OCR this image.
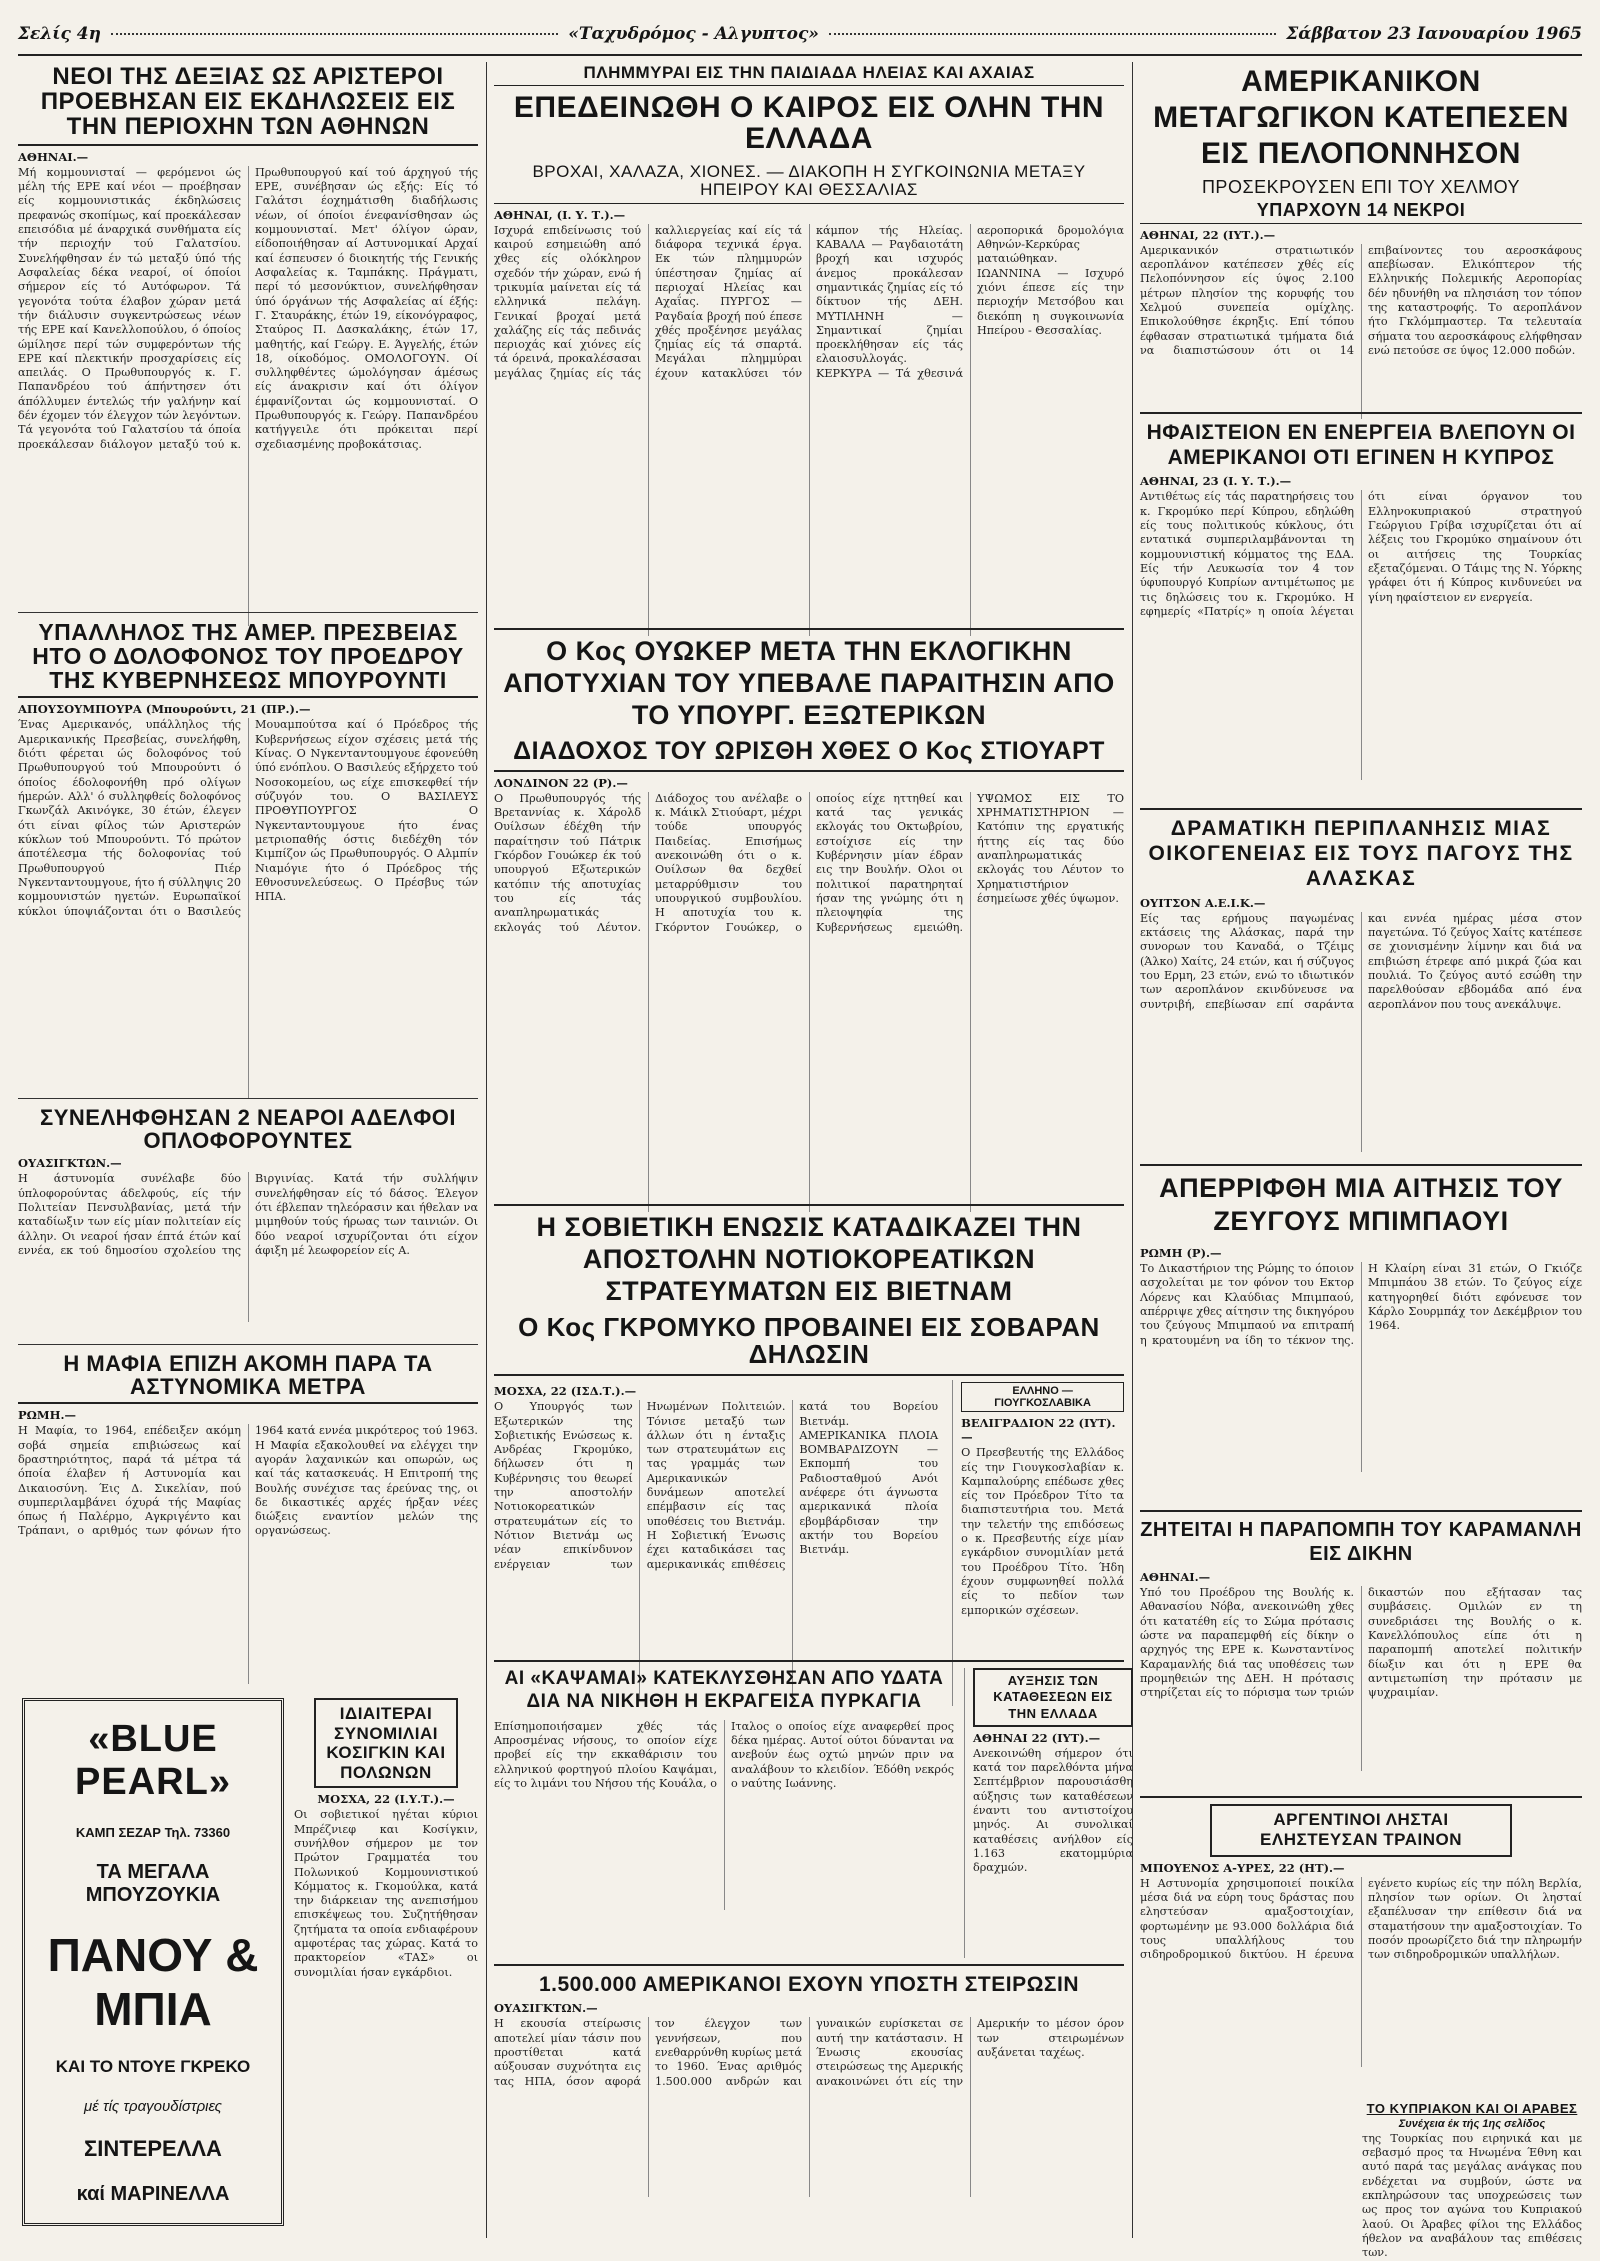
Σελίς 4η	«Ταχυδρόμος - Αλγυπτος»	Σάββατον 23 Ιανουαρίου 1965
ΝΕΟΙ ΤΗΣ ΔΕΞΙΑΣ ΩΣ ΑΡΙΣΤΕΡΟΙ ΠΡΟΕΒΗΣΑΝ ΕΙΣ ΕΚΔΗΛΩΣΕΙΣ ΕΙΣ ΤΗΝ ΠΕΡΙΟΧΗΝ ΤΩΝ ΑΘΗΝΩΝ
ΑΘΗΝΑΙ.—

Μή κομμουνισταί — φερόμενοι ώς μέλη τής ΕΡΕ καί νέοι — προέβησαν είς κομμουνιστικάς έκδηλώσεις πρεφανώς σκοπίμως, καί προεκάλεσαν επεισόδια μέ άναρχικά συνθήματα είς τήν περιοχήν τού Γαλατσίου. Συνελήφθησαν έν τώ μεταξύ ύπό τής Ασφαλείας δέκα νεαροί, οί όποίοι σήμερον είς τό Αυτόφωρον. Τά γεγονότα τούτα έλαβον χώραν μετά τήν διάλυσιν συγκεντρώσεως νέων τής ΕΡΕ καί Κανελλοπούλου, ό όποίος ώμίλησε περί τών συμφερόντων τής ΕΡΕ καί πλεκτικήν προσχαρίσεις είς απειλάς. Ο Πρωθυπουργός κ. Γ. Παπανδρέου τού άπήντησεν ότι άπόλλυμεν έντελώς τήν γαλήνην καί δέν έχομεν τόν έλεγχον τών λεγόντων. Τά γεγονότα τού Γαλατσίου τά όποία προεκάλεσαν διάλογον μεταξύ τού κ. Πρωθυπουργού καί τού άρχηγού τής ΕΡΕ, συνέβησαν ώς εξής: Είς τό Γαλάτσι έοχημάτισθη διαδήλωσις νέων, οί όποίοι ένεφανίσθησαν ώς κομμουνισταί. Μετ' όλίγον ώραν, είδοποιήθησαν αί Αστυνομικαί Αρχαί καί έσπευσεν ό διοικητής τής Γενικής Ασφαλείας κ. Ταμπάκης. Πράγματι, περί τό μεσονύκτιον, συνελήφθησαν ύπό όργάνων τής Ασφαλείας αί έξής: Γ. Σταυράκης, έτών 19, είκονόγραφος, Σταύρος Π. Δασκαλάκης, έτών 17, μαθητής, καί Γεώργ. Ε. Άγγελής, έτών 18, οίκοδόμος. ΟΜΟΛΟΓΟΥΝ. Οί συλληφθέντες ώμολόγησαν άμέσως είς άνακρισιν καί ότι όλίγον έμφανίζονται ώς κομμουνισταί. Ο Πρωθυπουργός κ. Γεώργ. Παπανδρέου κατήγγειλε ότι πρόκειται περί σχεδιασμένης προβοκάτσιας.

ΥΠΑΛΛΗΛΟΣ ΤΗΣ ΑΜΕΡ. ΠΡΕΣΒΕΙΑΣ ΗΤΟ Ο ΔΟΛΟΦΟΝΟΣ ΤΟΥ ΠΡΟΕΔΡΟΥ ΤΗΣ ΚΥΒΕΡΝΗΣΕΩΣ ΜΠΟΥΡΟΥΝΤΙ
ΑΠΟΥΣΟΥΜΠΟΥΡΑ (Μπουρούντι, 21 (ΠΡ.).—

Ένας Αμερικανός, υπάλληλος τής Αμερικανικής Πρεσβείας, συνελήφθη, διότι φέρεται ώς δολοφόνος τού Πρωθυπουργού τού Μπουρούντι ό όποίος έδολοφονήθη πρό ολίγων ήμερών. Αλλ' ό συλληφθείς δολοφόνος Γκωνζάλ Ακινόγκε, 30 έτών, έλεγεν ότι είναι φίλος τών Αριστερών κύκλων τού Μπουρούντι. Τό πρώτον άποτέλεσμα τής δολοφονίας τού Πρωθυπουργού Πιέρ Νγκενταντουμγουε, ήτο ή σύλληψις 20 κομμουνιστών ηγετών. Ευρωπαϊκοί κύκλοι ύποψιάζονται ότι ο Βασιλεύς Μουαμπούτσα καί ό Πρόεδρος τής Κυβερνήσεως είχον σχέσεις μετά τής Κίνας. Ο Νγκενταντουμγουε έφονεύθη ύπό ενόπλου. Ο Βασιλεύς εξήρχετο τού Νοσοκομείου, ως είχε επισκεφθεί τήν σύζυγόν του. Ο ΒΑΣΙΛΕΥΣ ΠΡΟΘΥΠΟΥΡΓΟΣ Ο Νγκενταντουμγουε ήτο ένας μετριοπαθής όστις διεδέχθη τόν Κιμπίζον ώς Πρωθυπουργός. Ο Αλμπίν Νιαμόγιε ήτο ό Πρόεδρος τής Εθνοσυνελεύσεως. Ο Πρέσβυς τών ΗΠΑ.

ΣΥΝΕΛΗΦΘΗΣΑΝ 2 ΝΕΑΡΟΙ ΑΔΕΛΦΟΙ ΟΠΛΟΦΟΡΟΥΝΤΕΣ
ΟΥΑΣΙΓΚΤΩΝ.—

Η άστυνομία συνέλαβε δύο ύπλοφορούντας άδελφούς, είς τήν Πολιτείαν Πενσυλβανίας, μετά τήν καταδίωξιν των είς μίαν πολιτείαν είς άλλην. Οι νεαροί ήσαν έπτά έτών καί εννέα, εκ τού δημοσίου σχολείου της Βιργινίας. Κατά τήν συλλήψιν συνελήφθησαν είς τό δάσος. Έλεγον ότι έβλεπαν τηλεόρασιν και ήθελαν να μιμηθούν τούς ήρωας των ταινιών. Οι δύο νεαροί ισχυρίζονται ότι είχον άφιξη μέ λεωφορείον είς Α.

Η ΜΑΦΙΑ ΕΠΙΖΗ ΑΚΟΜΗ ΠΑΡΑ ΤΑ ΑΣΤΥΝΟΜΙΚΑ ΜΕΤΡΑ
ΡΩΜΗ.—

Η Μαφία, το 1964, επέδειξεν ακόμη σοβά σημεία επιβιώσεως καί δραστηριότητος, παρά τά μέτρα τά όποία έλαβεν ή Αστυνομία και Δικαιοσύνη. Έις Δ. Σικελίαν, πού συμπεριλαμβάνει όχυρά τής Μαφίας όπως ή Παλέρμο, Αγκριγέντο και Τράπανι, ο αριθμός των φόνων ήτο 1964 κατά εννέα μικρότερος τού 1963. Η Μαφία εξακολουθεί να ελέγχει την αγοράν λαχανικών και οπωρών, ως καί τάς κατασκευάς. Η Επιτροπή της Βουλής συνέχισε τας έρεύνας της, οι δε δικαστικές αρχές ήρξαν νέες διώξεις εναντίον μελών της οργανώσεως.

«BLUE PEARL»
ΚΑΜΠ ΣΕΖΑΡ Τηλ. 73360
ΤΑ ΜΕΓΑΛΑ ΜΠΟΥΖΟΥΚΙΑ
ΠΑΝΟΥ & ΜΠΙΑ
ΚΑΙ ΤΟ ΝΤΟΥΕ ΓΚΡΕΚΟ
μέ τίς τραγουδίστριες
ΣΙΝΤΕΡΕΛΛΑ
καί ΜΑΡΙΝΕΛΛΑ
ΙΔΙΑΙΤΕΡΑΙ ΣΥΝΟΜΙΛΙΑΙ ΚΟΣΙΓΚΙΝ ΚΑΙ ΠΟΛΩΝΩΝ
ΜΟΣΧΑ, 22 (Ι.Υ.Τ.).—

Οι σοβιετικοί ηγέται κύριοι Μπρέζνιεφ και Κοσίγκιν, συνήλθον σήμερον με τον Πρώτον Γραμματέα του Πολωνικού Κομμουνιστικού Κόμματος κ. Γκομούλκα, κατά την διάρκειαν της ανεπισήμου επισκέψεως του. Συζητήθησαν ζητήματα τα οποία ενδιαφέρουν αμφοτέρας τας χώρας. Κατά το πρακτορείον «ΤΑΣ» οι συνομιλίαι ήσαν εγκάρδιοι.

ΠΛΗΜΜΥΡΑΙ ΕΙΣ ΤΗΝ ΠΑΙΔΙΑΔΑ ΗΛΕΙΑΣ ΚΑΙ ΑΧΑΙΑΣ
ΕΠΕΔΕΙΝΩΘΗ Ο ΚΑΙΡΟΣ ΕΙΣ ΟΛΗΝ ΤΗΝ ΕΛΛΑΔΑ
ΒΡΟΧΑΙ, ΧΑΛΑΖΑ, ΧΙΟΝΕΣ. — ΔΙΑΚΟΠΗ Η ΣΥΓΚΟΙΝΩΝΙΑ ΜΕΤΑΞΥ ΗΠΕΙΡΟΥ ΚΑΙ ΘΕΣΣΑΛΙΑΣ
ΑΘΗΝΑΙ, (Ι. Υ. Τ.).—

Ισχυρά επιδείνωσις τού καιρού εσημειώθη από χθες είς ολόκληρον σχεδόν τήν χώραν, ενώ ή τρικυμία μαίνεται είς τά ελληνικά πελάγη. Γενικαί βροχαί μετά χαλάζης είς τάς πεδινάς περιοχάς καί χιόνες είς τά όρεινά, προκαλέσασαι μεγάλας ζημίας είς τάς καλλιεργείας καί είς τά διάφορα τεχνικά έργα. Εκ τών πλημμυρών ύπέστησαν ζημίας αί περιοχαί Ηλείας και Αχαΐας. ΠΥΡΓΟΣ — Ραγδαία βροχή πού έπεσε χθές προξένησε μεγάλας ζημίας είς τά σπαρτά. Μεγάλαι πλημμύραι έχουν κατακλύσει τόν κάμπον τής Ηλείας. ΚΑΒΑΛΑ — Ραγδαιοτάτη βροχή και ισχυρός άνεμος προκάλεσαν σημαντικάς ζημίας είς τό δίκτυον τής ΔΕΗ. ΜΥΤΙΛΗΝΗ — Σημαντικαί ζημίαι προεκλήθησαν είς τάς ελαιοσυλλογάς. ΚΕΡΚΥΡΑ — Τά χθεσινά αεροπορικά δρομολόγια Αθηνών-Κερκύρας ματαιώθηκαν. ΙΩΑΝΝΙΝΑ — Ισχυρό χιόνι έπεσε είς την περιοχήν Μετσόβου και διεκόπη η συγκοινωνία Ηπείρου - Θεσσαλίας.

Ο Κος ΟΥΩΚΕΡ ΜΕΤΑ ΤΗΝ ΕΚΛΟΓΙΚΗΝ ΑΠΟΤΥΧΙΑΝ ΤΟΥ ΥΠΕΒΑΛΕ ΠΑΡΑΙΤΗΣΙΝ ΑΠΟ ΤΟ ΥΠΟΥΡΓ. ΕΞΩΤΕΡΙΚΩΝ
ΔΙΑΔΟΧΟΣ ΤΟΥ ΩΡΙΣΘΗ ΧΘΕΣ Ο Κος ΣΤΙΟΥΑΡΤ
ΛΟΝΔΙΝΟΝ 22 (Ρ).—

Ο Πρωθυπουργός τής Βρεταννίας κ. Χάρολδ Ουίλσων έδέχθη τήν παραίτησιν τού Πάτρικ Γκόρδον Γουώκερ έκ τού υπουργού Εξωτερικών κατόπιν τής αποτυχίας του είς τάς αναπληρωματικάς εκλογάς τού Λέυτον. Διάδοχος του ανέλαβε ο κ. Μάικλ Στιούαρτ, μέχρι τούδε υπουργός Παιδείας. Επισήμως ανεκοινώθη ότι ο κ. Ουίλσων θα δεχθεί μεταρρύθμισιν του υπουργικού συμβουλίου. Η αποτυχία του κ. Γκόρντον Γουώκερ, ο οποίος είχε ηττηθεί και κατά τας γενικάς εκλογάς του Οκτωβρίου, εστοίχισε είς την Κυβέρνησιν μίαν έδραν εις την Βουλήν. Ολοι οι πολιτικοί παρατηρηταί ήσαν της γνώμης ότι η πλειοψηφία της Κυβερνήσεως εμειώθη. ΥΨΩΜΟΣ ΕΙΣ ΤΟ ΧΡΗΜΑΤΙΣΤΗΡΙΟΝ — Κατόπιν της εργατικής ήττης είς τας δύο αναπληρωματικάς εκλογάς του Λέυτον το Χρηματιστήριον έσημείωσε χθές ύψωμον.

Η ΣΟΒΙΕΤΙΚΗ ΕΝΩΣΙΣ ΚΑΤΑΔΙΚΑΖΕΙ ΤΗΝ ΑΠΟΣΤΟΛΗΝ ΝΟΤΙΟΚΟΡΕΑΤΙΚΩΝ ΣΤΡΑΤΕΥΜΑΤΩΝ ΕΙΣ ΒΙΕΤΝΑΜ
Ο Κος ΓΚΡΟΜΥΚΟ ΠΡΟΒΑΙΝΕΙ ΕΙΣ ΣΟΒΑΡΑΝ ΔΗΛΩΣΙΝ
ΜΟΣΧΑ, 22 (ΙΣΔ.Τ.).—

Ο Υπουργός των Εξωτερικών της Σοβιετικής Ενώσεως κ. Ανδρέας Γκρομύκο, δήλωσεν ότι η Κυβέρνησις του θεωρεί την αποστολήν Νοτιοκορεατικών στρατευμάτων είς το Νότιον Βιετνάμ ως νέαν επικίνδυνον ενέργειαν των Ηνωμένων Πολιτειών. Τόνισε μεταξύ των άλλων ότι η ένταξις των στρατευμάτων εις τας γραμμάς των Αμερικανικών δυνάμεων αποτελεί επέμβασιν είς τας υποθέσεις του Βιετνάμ. Η Σοβιετική Ένωσις έχει καταδικάσει τας αμερικανικάς επιθέσεις κατά του Βορείου Βιετνάμ. ΑΜΕΡΙΚΑΝΙΚΑ ΠΛΟΙΑ ΒΟΜΒΑΡΔΙΖΟΥΝ — Εκπομπή του Ραδιοσταθμού Ανόι ανέφερε ότι άγνωστα αμερικανικά πλοία εβομβάρδισαν την ακτήν του Βορείου Βιετνάμ.

ΕΛΛΗΝΟ — ΓΙΟΥΓΚΟΣΛΑΒΙΚΑ
ΒΕΛΙΓΡΑΔΙΟΝ 22 (ΙΥΤ).—

Ο Πρεσβευτής της Ελλάδος είς την Γιουγκοσλαβίαν κ. Καμπαλούρης επέδωσε χθες είς τον Πρόεδρον Τίτο τα διαπιστευτήρια του. Μετά την τελετήν της επιδόσεως ο κ. Πρεσβευτής είχε μίαν εγκάρδιον συνομιλίαν μετά του Προέδρου Τίτο. Ήδη έχουν συμφωνηθεί πολλά είς το πεδίον των εμπορικών σχέσεων.

ΑΙ «ΚΑΨΑΜΑΙ» ΚΑΤΕΚΛΥΣΘΗΣΑΝ ΑΠΟ ΥΔΑΤΑ ΔΙΑ ΝΑ ΝΙΚΗΘΗ Η ΕΚΡΑΓΕΙΣΑ ΠΥΡΚΑΓΙΑ

Επίσημοποιήσαμεν χθές τάς Απροσμένας νήσους, το οποίον είχε προβεί είς την εκκαθάρισιν του ελληνικού φορτηγού πλοίου Καψάμαι, είς το λιμάνι του Νήσου τής Κουάλα, ο Ιταλος ο οποίος είχε αναφερθεί προς δέκα ημέρας. Αυτοί ούτοι δύνανται να ανεβούν έως οχτώ μηνών πριν να αναλάβουν το κλειδίον. Έδόθη νεκρός ο ναύτης Ιωάννης.

ΑΥΞΗΣΙΣ ΤΩΝ ΚΑΤΑΘΕΣΕΩΝ ΕΙΣ ΤΗΝ ΕΛΛΑΔΑ
ΑΘΗΝΑΙ 22 (ΙΥΤ).—

Ανεκοινώθη σήμερον ότι κατά τον παρελθόντα μήνα Σεπτέμβριον παρουσιάσθη αύξησις των καταθέσεων έναντι του αντιστοίχου μηνός. Αι συνολικαί καταθέσεις ανήλθον είς 1.163 εκατομμύρια δραχμών.

1.500.000 ΑΜΕΡΙΚΑΝΟΙ ΕΧΟΥΝ ΥΠΟΣΤΗ ΣΤΕΙΡΩΣΙΝ
ΟΥΑΣΙΓΚΤΩΝ.—

Η εκουσία στείρωσις αποτελεί μίαν τάσιν που προστίθεται κατά αύξουσαν συχνότητα εις τας ΗΠΑ, όσον αφορά τον έλεγχον των γεννήσεων, που ενεθαρρύνθη κυρίως μετά το 1960. Ένας αριθμός 1.500.000 ανδρών και γυναικών ευρίσκεται σε αυτή την κατάστασιν. Η Ένωσις εκουσίας στειρώσεως της Αμερικής ανακοινώνει ότι είς την Αμερικήν το μέσον όρον των στειρωμένων αυξάνεται ταχέως.

ΑΜΕΡΙΚΑΝΙΚΟΝ ΜΕΤΑΓΩΓΙΚΟΝ ΚΑΤΕΠΕΣΕΝ ΕΙΣ ΠΕΛΟΠΟΝΝΗΣΟΝ
ΠΡΟΣΕΚΡΟΥΣΕΝ ΕΠΙ ΤΟΥ ΧΕΛΜΟΥ
ΥΠΑΡΧΟΥΝ 14 ΝΕΚΡΟΙ
ΑΘΗΝΑΙ, 22 (ΙΥΤ.).—

Αμερικανικόν στρατιωτικόν αεροπλάνον κατέπεσεν χθές είς Πελοπόννησον είς ύψος 2.100 μέτρων πλησίον της κορυφής του Χελμού συνεπεία ομίχλης. Επικολούθησε έκρηξις. Επί τόπου έφθασαν στρατιωτικά τμήματα διά να διαπιστώσουν ότι οι 14 επιβαίνοντες του αεροσκάφους απεβίωσαν. Ελικόπτερον τής Ελληνικής Πολεμικής Αεροπορίας δέν ηδυνήθη να πλησιάση τον τόπον της καταστροφής. Το αεροπλάνον ήτο Γκλόμπμαστερ. Τα τελευταία σήματα του αεροσκάφους ελήφθησαν ενώ πετούσε σε ύψος 12.000 ποδών.

ΗΦΑΙΣΤΕΙΟΝ ΕΝ ΕΝΕΡΓΕΙΑ ΒΛΕΠΟΥΝ ΟΙ ΑΜΕΡΙΚΑΝΟΙ ΟΤΙ ΕΓΙΝΕΝ Η ΚΥΠΡΟΣ
ΑΘΗΝΑΙ, 23 (Ι. Υ. Τ.).—

Αντιθέτως είς τάς παρατηρήσεις του κ. Γκρομύκο περί Κύπρου, εδηλώθη είς τους πολιτικούς κύκλους, ότι εντατικά συμπεριλαμβάνονται τη κομμουνιστική κόμματος της ΕΔΑ. Είς τήν Λευκωσία τον 4 τον ύφυπουργό Κυπρίων αντιμέτωπος με τις δηλώσεις του κ. Γκρομύκο. Η εφημερίς «Πατρίς» η οποία λέγεται ότι είναι όργανον του Ελληνοκυπριακού στρατηγού Γεώργιου Γρίβα ισχυρίζεται ότι αί λέξεις του Γκρομύκο σημαίνουν ότι οι αιτήσεις της Τουρκίας εξεταζόμεναι. Ο Τάιμς της Ν. Υόρκης γράφει ότι ή Κύπρος κινδυνεύει να γίνη ηφαίστειον εν ενεργεία.

ΔΡΑΜΑΤΙΚΗ ΠΕΡΙΠΛΑΝΗΣΙΣ ΜΙΑΣ ΟΙΚΟΓΕΝΕΙΑΣ ΕΙΣ ΤΟΥΣ ΠΑΓΟΥΣ ΤΗΣ ΑΛΑΣΚΑΣ
ΟΥΙΤΣΟΝ Α.Ε.Ι.Κ.—

Είς τας ερήμους παγωμένας εκτάσεις της Αλάσκας, παρά την συνορων του Καναδά, ο Τζέιμς (Άλκο) Χαίτς, 24 ετών, και ή σύζυγος του Ερμη, 23 ετών, ενώ το ιδιωτικόν των αεροπλάνον εκινδύνευσε να συντριβή, επεβίωσαν επί σαράντα και εννέα ημέρας μέσα στον παγετώνα. Τό ζεύγος Χαίτς κατέπεσε σε χιονισμένην λίμνην και διά να επιβιώση έτρεφε από μικρά ζώα και πουλιά. Το ζεύγος αυτό εσώθη την παρελθούσαν εβδομάδα από ένα αεροπλάνον που τους ανεκάλυψε.

ΑΠΕΡΡΙΦΘΗ ΜΙΑ ΑΙΤΗΣΙΣ ΤΟΥ ΖΕΥΓΟΥΣ ΜΠΙΜΠΑΟΥΙ
ΡΩΜΗ (Ρ).—

Το Δικαστήριον της Ρώμης το όποιον ασχολείται με τον φόνον του Εκτορ Λόρενς και Κλαύδιας Μπιμπαού, απέρριψε χθες αίτησιν της δικηγόρου του ζεύγους Μπιμπαού να επιτραπή η κρατουμένη να ίδη το τέκνον της. Η Κλαίρη είναι 31 ετών, Ο Γκιόζε Μπιμπάου 38 ετών. Το ζεύγος είχε κατηγορηθεί διότι εφόνευσε τον Κάρλο Σουρμπάχ τον Δεκέμβριον του 1964.

ΖΗΤΕΙΤΑΙ Η ΠΑΡΑΠΟΜΠΗ ΤΟΥ ΚΑΡΑΜΑΝΛΗ ΕΙΣ ΔΙΚΗΝ
ΑΘΗΝΑΙ.—

Υπό του Προέδρου της Βουλής κ. Αθανασίου Νόβα, ανεκοινώθη χθες ότι κατατέθη είς το Σώμα πρότασις ώστε να παραπεμφθή είς δίκην ο αρχηγός της ΕΡΕ κ. Κωνσταντίνος Καραμανλής διά τας υποθέσεις των προμηθειών της ΔΕΗ. Η πρότασις στηρίζεται είς το πόρισμα των τριών δικαστών που εξήτασαν τας συμβάσεις. Ομιλών εν τη συνεδριάσει της Βουλής ο κ. Κανελλόπουλος είπε ότι η παραπομπή αποτελεί πολιτικήν δίωξιν και ότι η ΕΡΕ θα αντιμετωπίση την πρότασιν με ψυχραιμίαν.

ΑΡΓΕΝΤΙΝΟΙ ΛΗΣΤΑΙ ΕΛΗΣΤΕΥΣΑΝ ΤΡΑΙΝΟΝ
ΜΠΟΥΕΝΟΣ Α-ΥΡΕΣ, 22 (ΗΤ).—

Η Αστυνομία χρησιμοποιεί ποικίλα μέσα διά να εύρη τους δράστας που εληστεύσαν αμαξοστοιχίαν, φορτωμένην με 93.000 δολλάρια διά τους υπαλλήλους του σιδηροδρομικού δικτύου. Η έρευνα εγένετο κυρίως είς την πόλη Βερλία, πλησίον των ορίων. Οι λησταί εξαπέλυσαν την επίθεσιν διά να σταματήσουν την αμαξοστοιχίαν. Το ποσόν προωρίζετο διά την πληρωμήν των σιδηροδρομικών υπαλλήλων.

ΤΟ ΚΥΠΡΙΑΚΟΝ ΚΑΙ ΟΙ ΑΡΑΒΕΣ
Συνέχεια έκ τής 1ης σελίδος

της Τουρκίας που ειρηνικά και με σεβασμό προς τα Ηνωμένα Έθνη και αυτό παρά τας μεγάλας ανάγκας που ενδέχεται να συμβούν, ώστε να εκπληρώσουν τας υποχρεώσεις των ως προς τον αγώνα του Κυπριακού λαού. Οι Άραβες φίλοι της Ελλάδος ήθελον να αναβάλουν τας επιθέσεις των.
